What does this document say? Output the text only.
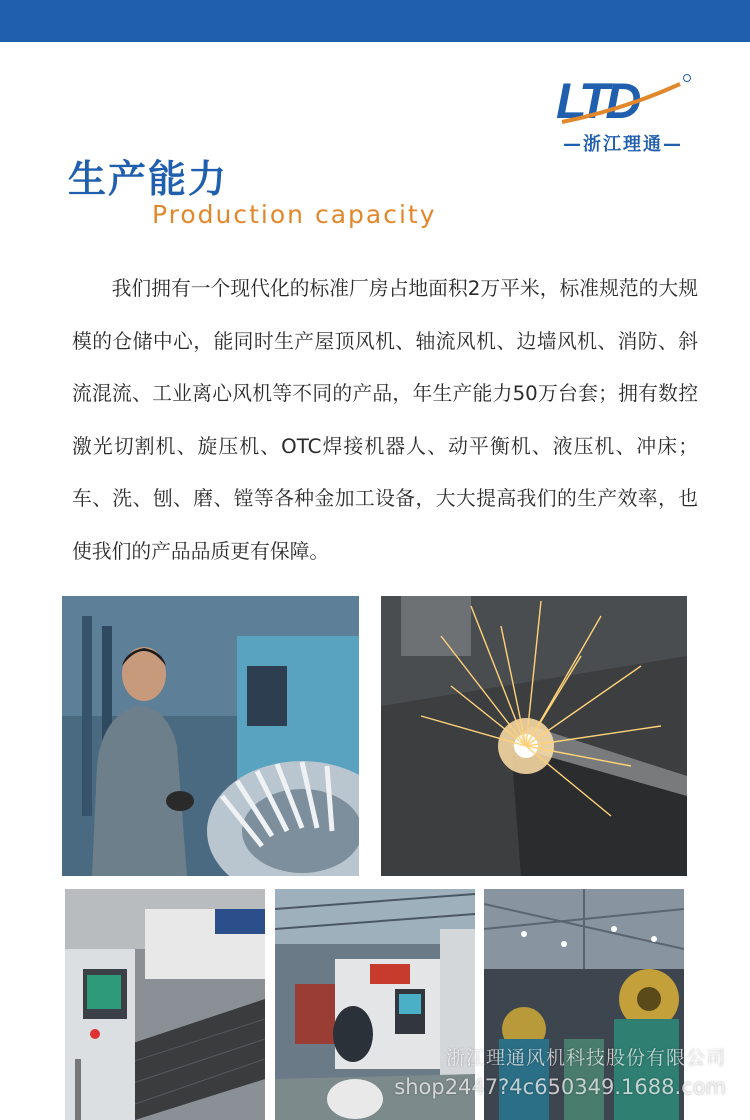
LTD
—浙江理通—
生产能力
Production capacity

我们拥有一个现代化的标准厂房占地面积2万平米，标准规范的大规模的仓储中心，能同时生产屋顶风机、轴流风机、边墙风机、消防、斜流混流、工业离心风机等不同的产品，年生产能力50万台套；拥有数控激光切割机、旋压机、OTC焊接机器人、动平衡机、液压机、冲床；车、洗、刨、磨、镗等各种金加工设备，大大提高我们的生产效率，也使我们的产品品质更有保障。

浙江理通风机科技股份有限公司
shop2447?4c650349.1688.com
